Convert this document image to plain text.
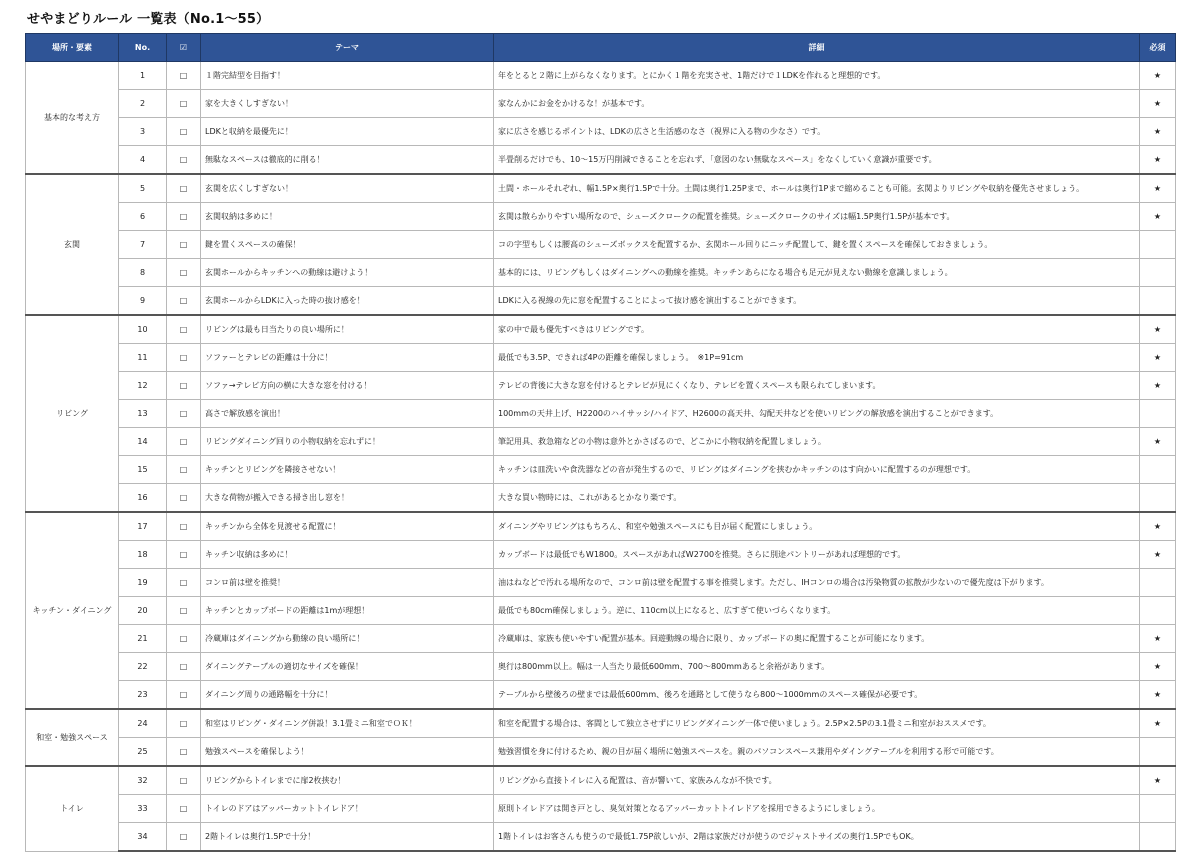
せやまどりルール 一覧表（No.1〜55）
場所・要素	No.	☑	テーマ	詳細	必須
基本的な考え方	1	□	１階完結型を目指す！	年をとると２階に上がらなくなります。とにかく１階を充実させ、1階だけで１LDKを作れると理想的です。	★
	2	□	家を大きくしすぎない！	家なんかにお金をかけるな！が基本です。	★
	3	□	LDKと収納を最優先に！	家に広さを感じるポイントは、LDKの広さと生活感のなさ（視界に入る物の少なさ）です。	★
	4	□	無駄なスペースは徹底的に削る！	半畳削るだけでも、10〜15万円削減できることを忘れず、「意図のない無駄なスペース」をなくしていく意識が重要です。	★
玄関	5	□	玄関を広くしすぎない！	土間・ホールそれぞれ、幅1.5P×奥行1.5Pで十分。土間は奥行1.25Pまで、ホールは奥行1Pまで縮めることも可能。玄関よりリビングや収納を優先させましょう。	★
	6	□	玄関収納は多めに！	玄関は散らかりやすい場所なので、シューズクロークの配置を推奨。シューズクロークのサイズは幅1.5P奥行1.5Pが基本です。	★
	7	□	鍵を置くスペースの確保！	コの字型もしくは腰高のシューズボックスを配置するか、玄関ホール回りにニッチ配置して、鍵を置くスペースを確保しておきましょう。	
	8	□	玄関ホールからキッチンへの動線は避けよう！	基本的には、リビングもしくはダイニングへの動線を推奨。キッチンあらになる場合も足元が見えない動線を意識しましょう。	
	9	□	玄関ホールからLDKに入った時の抜け感を！	LDKに入る視線の先に窓を配置することによって抜け感を演出することができます。	
リビング	10	□	リビングは最も日当たりの良い場所に！	家の中で最も優先すべきはリビングです。	★
	11	□	ソファーとテレビの距離は十分に！	最低でも3.5P、できれば4Pの距離を確保しましょう。　※1P=91cm	★
	12	□	ソファ→テレビ方向の横に大きな窓を付ける！	テレビの背後に大きな窓を付けるとテレビが見にくくなり、テレビを置くスペースも限られてしまいます。	★
	13	□	高さで解放感を演出！	100mmの天井上げ、H2200のハイサッシ/ハイドア、H2600の高天井、勾配天井などを使いリビングの解放感を演出することができます。	
	14	□	リビングダイニング回りの小物収納を忘れずに！	筆記用具、救急箱などの小物は意外とかさばるので、どこかに小物収納を配置しましょう。	★
	15	□	キッチンとリビングを隣接させない！	キッチンは皿洗いや食洗器などの音が発生するので、リビングはダイニングを挟むかキッチンのはす向かいに配置するのが理想です。	
	16	□	大きな荷物が搬入できる掃き出し窓を！	大きな買い物時には、これがあるとかなり楽です。	
キッチン・ダイニング	17	□	キッチンから全体を見渡せる配置に！	ダイニングやリビングはもちろん、和室や勉強スペースにも目が届く配置にしましょう。	★
	18	□	キッチン収納は多めに！	カップボードは最低でもW1800。スペースがあればW2700を推奨。さらに別途パントリーがあれば理想的です。	★
	19	□	コンロ前は壁を推奨！	油はねなどで汚れる場所なので、コンロ前は壁を配置する事を推奨します。ただし、IHコンロの場合は汚染物質の拡散が少ないので優先度は下がります。	
	20	□	キッチンとカップボードの距離は1mが理想！	最低でも80cm確保しましょう。逆に、110cm以上になると、広すぎて使いづらくなります。	
	21	□	冷蔵庫はダイニングから動線の良い場所に！	冷蔵庫は、家族も使いやすい配置が基本。回遊動線の場合に限り、カップボードの奥に配置することが可能になります。	★
	22	□	ダイニングテーブルの適切なサイズを確保！	奥行は800mm以上。幅は一人当たり最低600mm、700〜800mmあると余裕があります。	★
	23	□	ダイニング周りの通路幅を十分に！	テーブルから壁後ろの壁までは最低600mm、後ろを通路として使うなら800〜1000mmのスペース確保が必要です。	★
和室・勉強スペース	24	□	和室はリビング・ダイニング併設！3.1畳ミニ和室でＯＫ！	和室を配置する場合は、客間として独立させずにリビングダイニング一体で使いましょう。2.5P×2.5Pの3.1畳ミニ和室がおススメです。	★
	25	□	勉強スペースを確保しよう！	勉強習慣を身に付けるため、親の目が届く場所に勉強スペースを。親のパソコンスペース兼用やダイングテーブルを利用する形で可能です。	
トイレ	32	□	リビングからトイレまでに扉2枚挟む！	リビングから直接トイレに入る配置は、音が響いて、家族みんなが不快です。	★
	33	□	トイレのドアはアッパーカットトイレドア！	原則トイレドアは開き戸とし、臭気対策となるアッパーカットトイレドアを採用できるようにしましょう。	
	34	□	2階トイレは奥行1.5Pで十分！	1階トイレはお客さんも使うので最低1.75P欲しいが、2階は家族だけが使うのでジャストサイズの奥行1.5PでもOK。	
